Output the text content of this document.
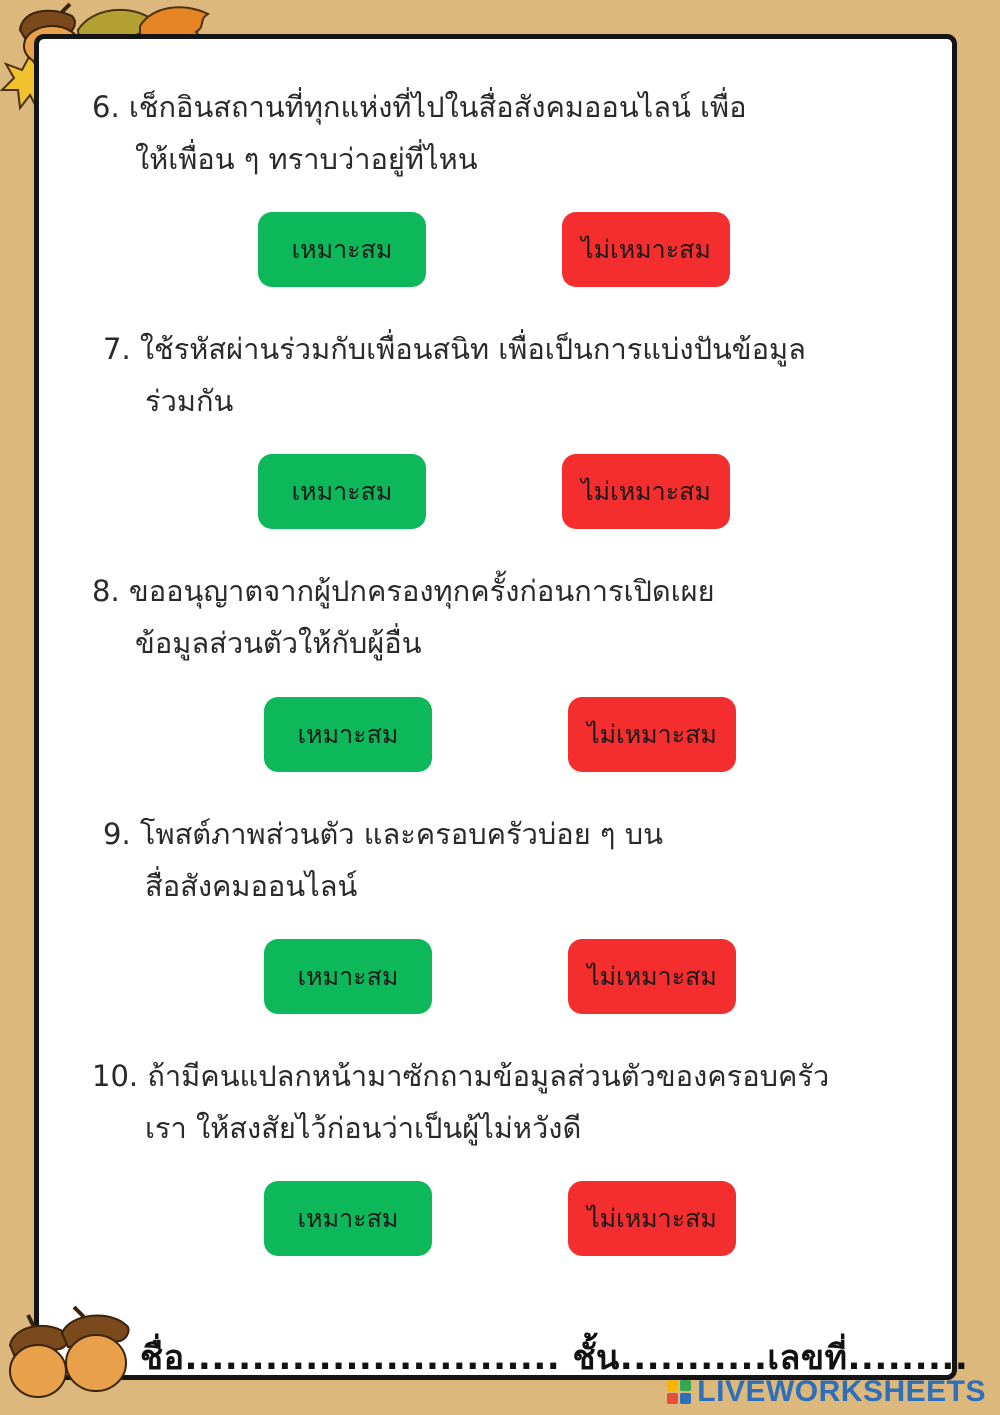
6. เช็กอินสถานที่ทุกแห่งที่ไปในสื่อสังคมออนไลน์ เพื่อ
ให้เพื่อน ๆ ทราบว่าอยู่ที่ไหน
เหมาะสม	ไม่เหมาะสม
7. ใช้รหัสผ่านร่วมกับเพื่อนสนิท เพื่อเป็นการแบ่งปันข้อมูล
ร่วมกัน
เหมาะสม	ไม่เหมาะสม
8. ขออนุญาตจากผู้ปกครองทุกครั้งก่อนการเปิดเผย
ข้อมูลส่วนตัวให้กับผู้อื่น
เหมาะสม	ไม่เหมาะสม
9. โพสต์ภาพส่วนตัว และครอบครัวบ่อย ๆ บน
สื่อสังคมออนไลน์
เหมาะสม	ไม่เหมาะสม
10. ถ้ามีคนแปลกหน้ามาซักถามข้อมูลส่วนตัวของครอบครัว
เรา ให้สงสัยไว้ก่อนว่าเป็นผู้ไม่หวังดี
เหมาะสม	ไม่เหมาะสม
ชื่อ............................ ชั้น...........เลขที่.........
LIVEWORKSHEETS
